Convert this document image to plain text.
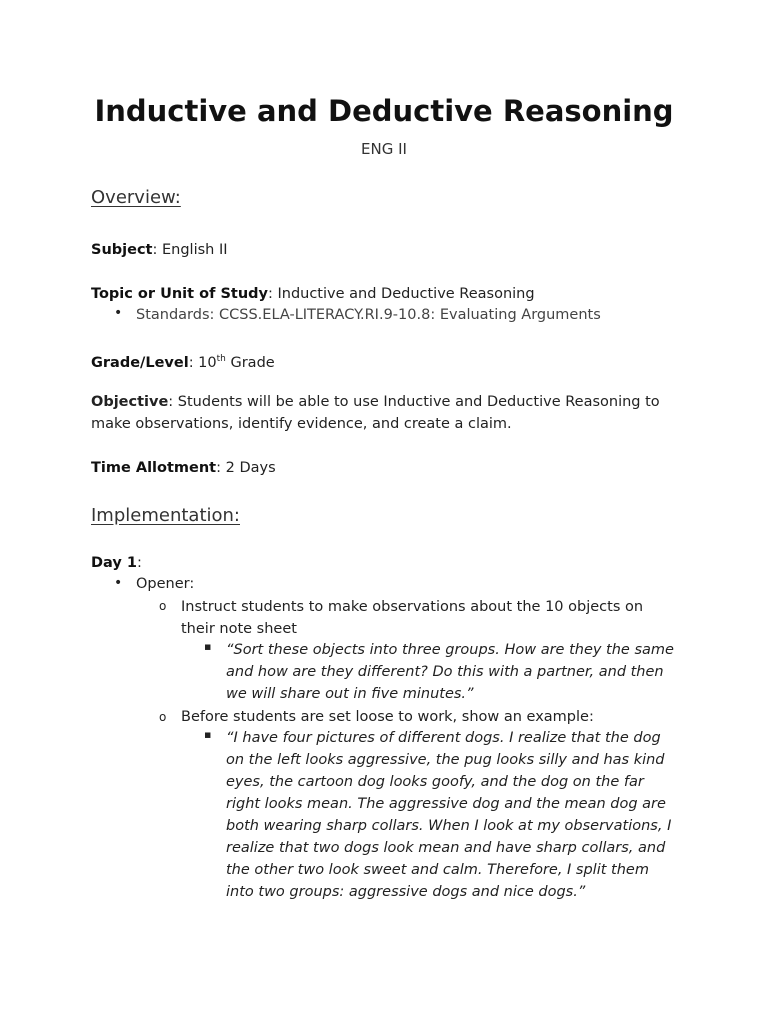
Inductive and Deductive Reasoning
ENG II
Overview:
Subject: English II
Topic or Unit of Study: Inductive and Deductive Reasoning
• Standards: CCSS.ELA-LITERACY.RI.9-10.8: Evaluating Arguments
Grade/Level: 10th Grade
Objective: Students will be able to use Inductive and Deductive Reasoning to make observations, identify evidence, and create a claim.
Time Allotment: 2 Days
Implementation:
Day 1:
• Opener:
o Instruct students to make observations about the 10 objects on their note sheet
▪ “Sort these objects into three groups. How are they the same and how are they different? Do this with a partner, and then we will share out in five minutes.”
o Before students are set loose to work, show an example:
▪ “I have four pictures of different dogs. I realize that the dog on the left looks aggressive, the pug looks silly and has kind eyes, the cartoon dog looks goofy, and the dog on the far right looks mean. The aggressive dog and the mean dog are both wearing sharp collars. When I look at my observations, I realize that two dogs look mean and have sharp collars, and the other two look sweet and calm. Therefore, I split them into two groups: aggressive dogs and nice dogs.”
